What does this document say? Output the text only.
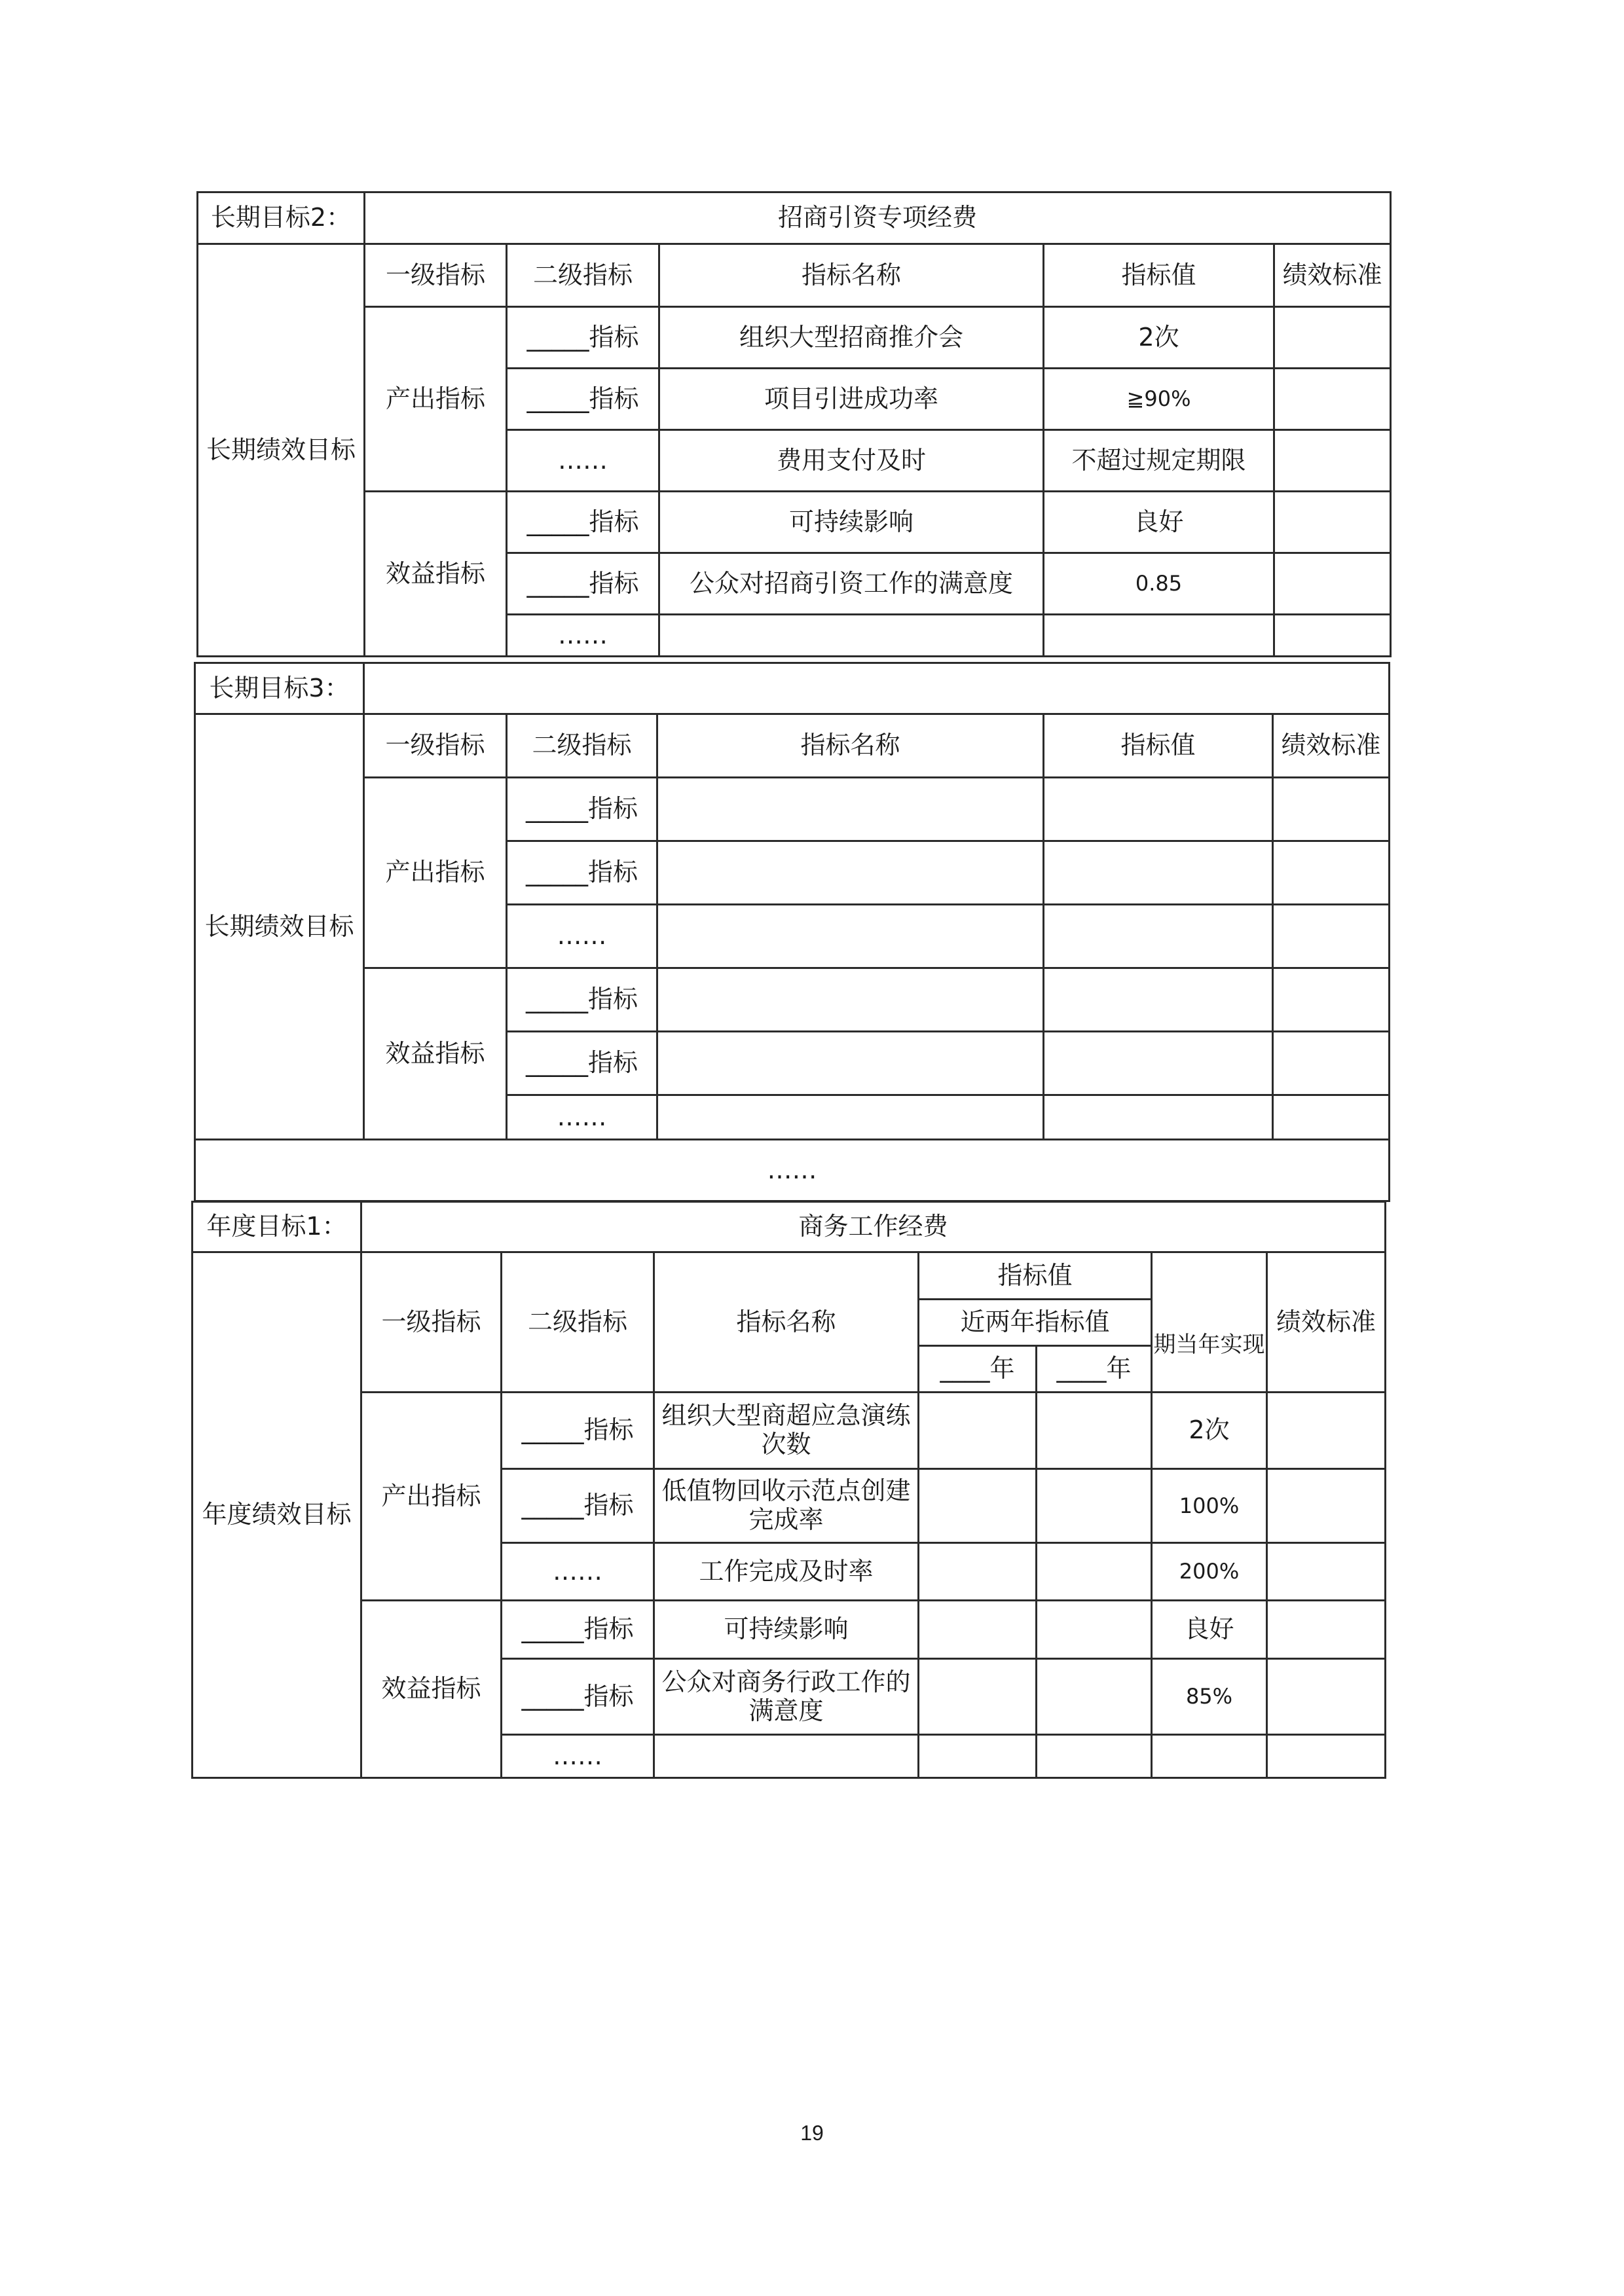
长期目标2：	招商引资专项经费				
长期绩效目标	一级指标	二级指标	指标名称	指标值	绩效标准
	产出指标	_____指标	组织大型招商推介会	2次	
		_____指标	项目引进成功率	≧90%	
		……	费用支付及时	不超过规定期限	
	效益指标	_____指标	可持续影响	良好	
		_____指标	公众对招商引资工作的满意度	0.85	
		……			
长期目标3：					
长期绩效目标	一级指标	二级指标	指标名称	指标值	绩效标准
	产出指标	_____指标			
		_____指标			
		……			
	效益指标	_____指标			
		_____指标			
		……			
……					
年度目标1：	商务工作经费						
年度绩效目标	一级指标	二级指标	指标名称	指标值			绩效标准
				近两年指标值		期当年实现	
				____年	____年		
	产出指标	_____指标	组织大型商超应急演练次数			2次	
		_____指标	低值物回收示范点创建完成率			100%	
		……	工作完成及时率			200%	
	效益指标	_____指标	可持续影响			良好	
		_____指标	公众对商务行政工作的满意度			85%	
		……					
19
